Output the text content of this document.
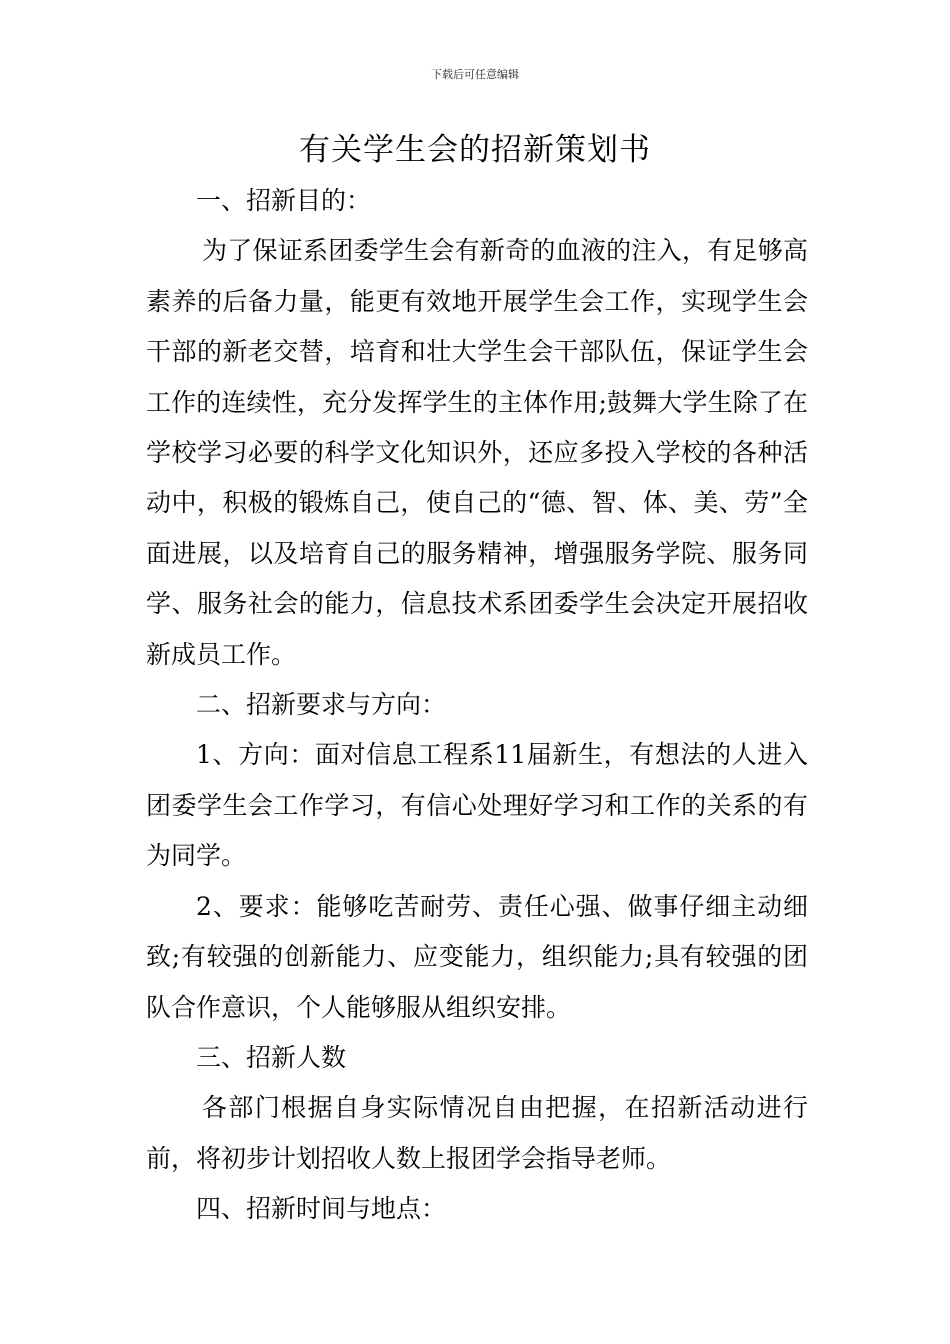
下载后可任意编辑
有关学生会的招新策划书

一、招新目的：

为了保证系团委学生会有新奇的血液的注入，有足够高素养的后备力量，能更有效地开展学生会工作，实现学生会干部的新老交替，培育和壮大学生会干部队伍，保证学生会工作的连续性，充分发挥学生的主体作用;鼓舞大学生除了在学校学习必要的科学文化知识外，还应多投入学校的各种活动中，积极的锻炼自己，使自己的“德、智、体、美、劳”全面进展，以及培育自己的服务精神，增强服务学院、服务同学、服务社会的能力，信息技术系团委学生会决定开展招收新成员工作。

二、招新要求与方向：

1、方向：面对信息工程系11届新生，有想法的人进入团委学生会工作学习，有信心处理好学习和工作的关系的有为同学。

2、要求：能够吃苦耐劳、责任心强、做事仔细主动细致;有较强的创新能力、应变能力，组织能力;具有较强的团队合作意识，个人能够服从组织安排。

三、招新人数

各部门根据自身实际情况自由把握，在招新活动进行前，将初步计划招收人数上报团学会指导老师。

四、招新时间与地点：
